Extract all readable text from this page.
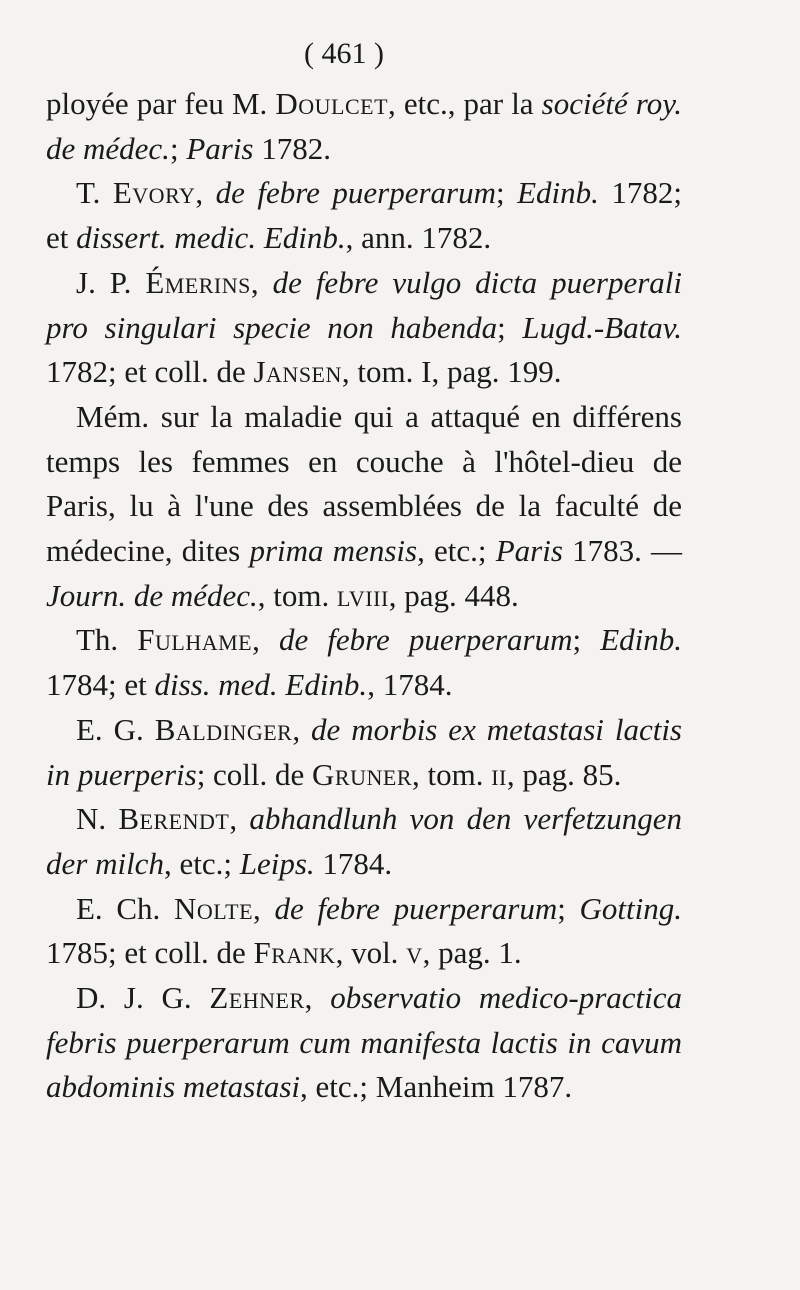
( 461 )

ployée par feu M. Doulcet, etc., par la société roy. de médec.; Paris 1782.

T. Evory, de febre puerperarum; Edinb. 1782; et dissert. medic. Edinb., ann. 1782.

J. P. Émerins, de febre vulgo dicta puerperali pro singulari specie non habenda; Lugd.-Batav. 1782; et coll. de Jansen, tom. I, pag. 199.

Mém. sur la maladie qui a attaqué en différens temps les femmes en couche à l'hôtel-dieu de Paris, lu à l'une des assemblées de la faculté de médecine, dites prima mensis, etc.; Paris 1783. — Journ. de médec., tom. lviii, pag. 448.

Th. Fulhame, de febre puerperarum; Edinb. 1784; et diss. med. Edinb., 1784.

E. G. Baldinger, de morbis ex metastasi lactis in puerperis; coll. de Gruner, tom. ii, pag. 85.

N. Berendt, abhandlunh von den verfetzungen der milch, etc.; Leips. 1784.

E. Ch. Nolte, de febre puerperarum; Gotting. 1785; et coll. de Frank, vol. v, pag. 1.

D. J. G. Zehner, observatio medico-practica febris puerperarum cum manifesta lactis in cavum abdominis metastasi, etc.; Manheim 1787.
